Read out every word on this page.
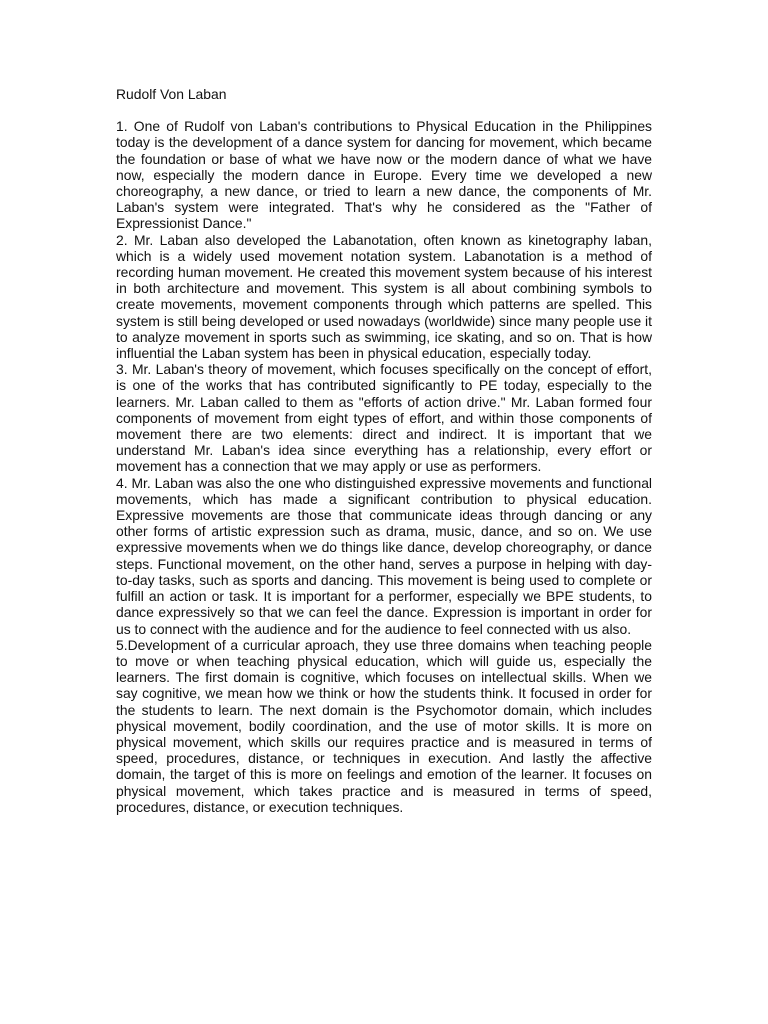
Rudolf Von Laban

1. One of Rudolf von Laban's contributions to Physical Education in the Philippines today is the development of a dance system for dancing for movement, which became the foundation or base of what we have now or the modern dance of what we have now, especially the modern dance in Europe. Every time we developed a new choreography, a new dance, or tried to learn a new dance, the components of Mr. Laban's system were integrated. That's why he considered as the "Father of Expressionist Dance."

2. Mr. Laban also developed the Labanotation, often known as kinetography laban, which is a widely used movement notation system. Labanotation is a method of recording human movement. He created this movement system because of his interest in both architecture and movement. This system is all about combining symbols to create movements, movement components through which patterns are spelled. This system is still being developed or used nowadays (worldwide) since many people use it to analyze movement in sports such as swimming, ice skating, and so on. That is how influential the Laban system has been in physical education, especially today.

3. Mr. Laban's theory of movement, which focuses specifically on the concept of effort, is one of the works that has contributed significantly to PE today, especially to the learners. Mr. Laban called to them as "efforts of action drive." Mr. Laban formed four components of movement from eight types of effort, and within those components of movement there are two elements: direct and indirect. It is important that we understand Mr. Laban's idea since everything has a relationship, every effort or movement has a connection that we may apply or use as performers.

4. Mr. Laban was also the one who distinguished expressive movements and functional movements, which has made a significant contribution to physical education. Expressive movements are those that communicate ideas through dancing or any other forms of artistic expression such as drama, music, dance, and so on. We use expressive movements when we do things like dance, develop choreography, or dance steps. Functional movement, on the other hand, serves a purpose in helping with day-to-day tasks, such as sports and dancing. This movement is being used to complete or fulfill an action or task. It is important for a performer, especially we BPE students, to dance expressively so that we can feel the dance. Expression is important in order for us to connect with the audience and for the audience to feel connected with us also.

5.Development of a curricular aproach, they use three domains when teaching people to move or when teaching physical education, which will guide us, especially the learners. The first domain is cognitive, which focuses on intellectual skills. When we say cognitive, we mean how we think or how the students think. It focused in order for the students to learn. The next domain is the Psychomotor domain, which includes physical movement, bodily coordination, and the use of motor skills. It is more on physical movement, which skills our requires practice and is measured in terms of speed, procedures, distance, or techniques in execution. And lastly the affective domain, the target of this is more on feelings and emotion of the learner. It focuses on physical movement, which takes practice and is measured in terms of speed, procedures, distance, or execution techniques.
